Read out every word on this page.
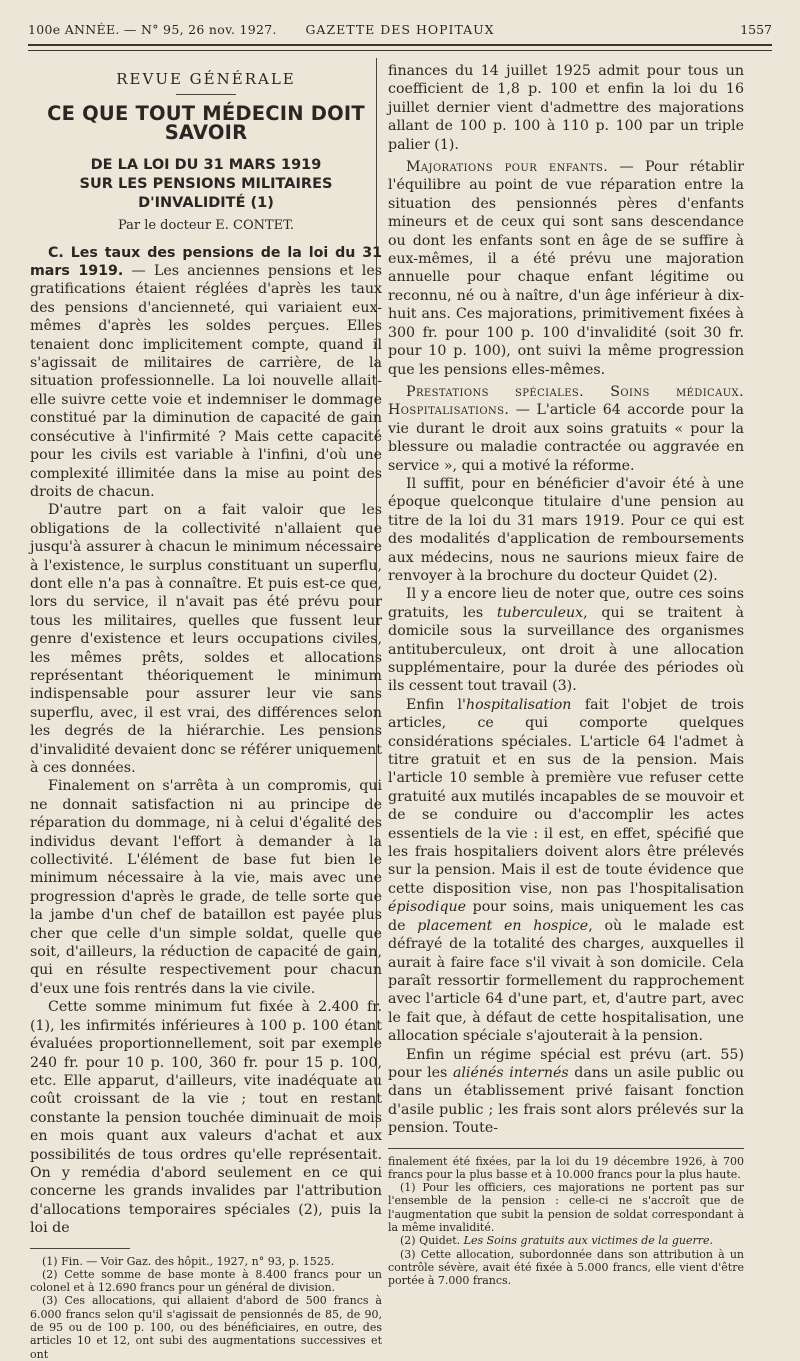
100e ANNÉE. — N° 95, 26 nov. 1927.	GAZETTE DES HOPITAUX	1557
REVUE GÉNÉRALE
CE QUE TOUT MÉDECIN DOIT SAVOIR
DE LA LOI DU 31 MARS 1919
SUR LES PENSIONS MILITAIRES D'INVALIDITÉ (1)
Par le docteur E. CONTET.

C. Les taux des pensions de la loi du 31 mars 1919. — Les anciennes pensions et les gratifications étaient réglées d'après les taux des pensions d'ancienneté, qui variaient eux-mêmes d'après les soldes perçues. Elles tenaient donc implicitement compte, quand il s'agissait de militaires de carrière, de la situation professionnelle. La loi nouvelle allait-elle suivre cette voie et indemniser le dommage constitué par la diminution de capacité de gain consécutive à l'infirmité ? Mais cette capacité pour les civils est variable à l'infini, d'où une complexité illimitée dans la mise au point des droits de chacun.

D'autre part on a fait valoir que les obligations de la collectivité n'allaient que jusqu'à assurer à chacun le minimum nécessaire à l'existence, le surplus constituant un superflu, dont elle n'a pas à connaître. Et puis est-ce que, lors du service, il n'avait pas été prévu pour tous les militaires, quelles que fussent leur genre d'existence et leurs occupations civiles, les mêmes prêts, soldes et allocations représentant théoriquement le minimum indispensable pour assurer leur vie sans superflu, avec, il est vrai, des différences selon les degrés de la hiérarchie. Les pensions d'invalidité devaient donc se référer uniquement à ces données.

Finalement on s'arrêta à un compromis, qui ne donnait satisfaction ni au principe de réparation du dommage, ni à celui d'égalité des individus devant l'effort à demander à la collectivité. L'élément de base fut bien le minimum nécessaire à la vie, mais avec une progression d'après le grade, de telle sorte que la jambe d'un chef de bataillon est payée plus cher que celle d'un simple soldat, quelle que soit, d'ailleurs, la réduction de capacité de gain, qui en résulte respectivement pour chacun d'eux une fois rentrés dans la vie civile.

Cette somme minimum fut fixée à 2.400 fr. (1), les infirmités inférieures à 100 p. 100 étant évaluées proportionnellement, soit par exemple 240 fr. pour 10 p. 100, 360 fr. pour 15 p. 100, etc. Elle apparut, d'ailleurs, vite inadéquate au coût croissant de la vie ; tout en restant constante la pension touchée diminuait de mois en mois quant aux valeurs d'achat et aux possibilités de tous ordres qu'elle représentait. On y remédia d'abord seulement en ce qui concerne les grands invalides par l'attribution d'allocations temporaires spéciales (2), puis la loi de

(1) Fin. — Voir Gaz. des hôpit., 1927, n° 93, p. 1525.

(2) Cette somme de base monte à 8.400 francs pour un colonel et à 12.690 francs pour un général de division.

(3) Ces allocations, qui allaient d'abord de 500 francs à 6.000 francs selon qu'il s'agissait de pensionnés de 85, de 90, de 95 ou de 100 p. 100, ou des bénéficiaires, en outre, des articles 10 et 12, ont subi des augmentations successives et ont

finances du 14 juillet 1925 admit pour tous un coefficient de 1,8 p. 100 et enfin la loi du 16 juillet dernier vient d'admettre des majorations allant de 100 p. 100 à 110 p. 100 par un triple palier (1).

Majorations pour enfants. — Pour rétablir l'équilibre au point de vue réparation entre la situation des pensionnés pères d'enfants mineurs et de ceux qui sont sans descendance ou dont les enfants sont en âge de se suffire à eux-mêmes, il a été prévu une majoration annuelle pour chaque enfant légitime ou reconnu, né ou à naître, d'un âge inférieur à dix-huit ans. Ces majorations, primitivement fixées à 300 fr. pour 100 p. 100 d'invalidité (soit 30 fr. pour 10 p. 100), ont suivi la même progression que les pensions elles-mêmes.

Prestations spéciales. Soins médicaux. Hospitalisations. — L'article 64 accorde pour la vie durant le droit aux soins gratuits « pour la blessure ou maladie contractée ou aggravée en service », qui a motivé la réforme.

Il suffit, pour en bénéficier d'avoir été à une époque quelconque titulaire d'une pension au titre de la loi du 31 mars 1919. Pour ce qui est des modalités d'application de remboursements aux médecins, nous ne saurions mieux faire de renvoyer à la brochure du docteur Quidet (2).

Il y a encore lieu de noter que, outre ces soins gratuits, les tuberculeux, qui se traitent à domicile sous la surveillance des organismes antituberculeux, ont droit à une allocation supplémentaire, pour la durée des périodes où ils cessent tout travail (3).

Enfin l'hospitalisation fait l'objet de trois articles, ce qui comporte quelques considérations spéciales. L'article 64 l'admet à titre gratuit et en sus de la pension. Mais l'article 10 semble à première vue refuser cette gratuité aux mutilés incapables de se mouvoir et de se conduire ou d'accomplir les actes essentiels de la vie : il est, en effet, spécifié que les frais hospitaliers doivent alors être prélevés sur la pension. Mais il est de toute évidence que cette disposition vise, non pas l'hospitalisation épisodique pour soins, mais uniquement les cas de placement en hospice, où le malade est défrayé de la totalité des charges, auxquelles il aurait à faire face s'il vivait à son domicile. Cela paraît ressortir formellement du rapprochement avec l'article 64 d'une part, et, d'autre part, avec le fait que, à défaut de cette hospitalisation, une allocation spéciale s'ajouterait à la pension.

Enfin un régime spécial est prévu (art. 55) pour les aliénés internés dans un asile public ou dans un établissement privé faisant fonction d'asile public ; les frais sont alors prélevés sur la pension. Toute-

finalement été fixées, par la loi du 19 décembre 1926, à 700 francs pour la plus basse et à 10.000 francs pour la plus haute.

(1) Pour les officiers, ces majorations ne portent pas sur l'ensemble de la pension : celle-ci ne s'accroît que de l'augmentation que subit la pension de soldat correspondant à la même invalidité.

(2) Quidet. Les Soins gratuits aux victimes de la guerre.

(3) Cette allocation, subordonnée dans son attribution à un contrôle sévère, avait été fixée à 5.000 francs, elle vient d'être portée à 7.000 francs.
